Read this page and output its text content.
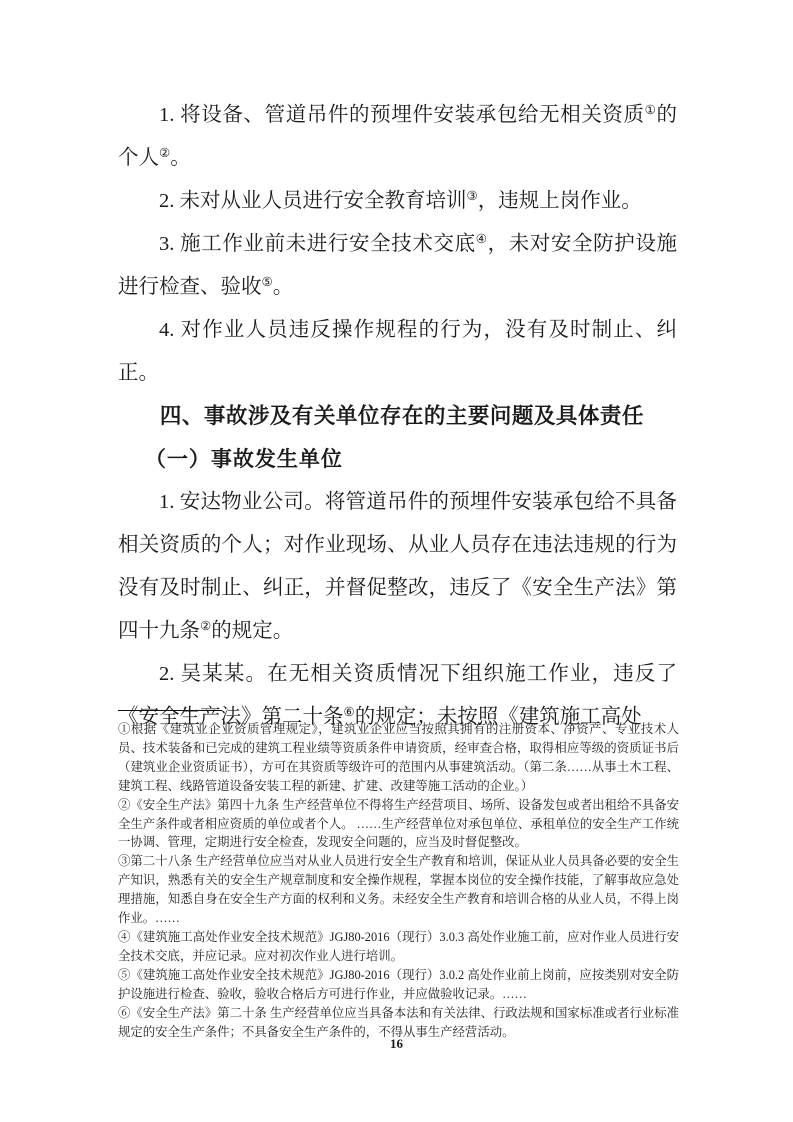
1. 将设备、管道吊件的预埋件安装承包给无相关资质①的个人②。
2. 未对从业人员进行安全教育培训③，违规上岗作业。
3. 施工作业前未进行安全技术交底④，未对安全防护设施进行检查、验收⑤。
4. 对作业人员违反操作规程的行为，没有及时制止、纠正。
四、事故涉及有关单位存在的主要问题及具体责任
（一）事故发生单位
1. 安达物业公司。将管道吊件的预埋件安装承包给不具备相关资质的个人；对作业现场、从业人员存在违法违规的行为没有及时制止、纠正，并督促整改，违反了《安全生产法》第四十九条②的规定。
2. 吴某某。在无相关资质情况下组织施工作业，违反了《安全生产法》第二十条⑥的规定；未按照《建筑施工高处
①根据《建筑业企业资质管理规定》，建筑业企业应当按照其拥有的注册资本、净资产、专业技术人员、技术装备和已完成的建筑工程业绩等资质条件申请资质，经审查合格，取得相应等级的资质证书后（建筑业企业资质证书），方可在其资质等级许可的范围内从事建筑活动。（第二条……从事土木工程、建筑工程、线路管道设备安装工程的新建、扩建、改建等施工活动的企业。）
②《安全生产法》第四十九条 生产经营单位不得将生产经营项目、场所、设备发包或者出租给不具备安全生产条件或者相应资质的单位或者个人。 ……生产经营单位对承包单位、承租单位的安全生产工作统一协调、管理，定期进行安全检查，发现安全问题的，应当及时督促整改。
③第二十八条 生产经营单位应当对从业人员进行安全生产教育和培训，保证从业人员具备必要的安全生产知识，熟悉有关的安全生产规章制度和安全操作规程，掌握本岗位的安全操作技能，了解事故应急处理措施，知悉自身在安全生产方面的权利和义务。未经安全生产教育和培训合格的从业人员，不得上岗作业。……
④《建筑施工高处作业安全技术规范》JGJ80-2016（现行）3.0.3 高处作业施工前，应对作业人员进行安全技术交底，并应记录。应对初次作业人进行培训。
⑤《建筑施工高处作业安全技术规范》JGJ80-2016（现行）3.0.2 高处作业前上岗前，应按类别对安全防护设施进行检查、验收，验收合格后方可进行作业，并应做验收记录。……
⑥《安全生产法》第二十条 生产经营单位应当具备本法和有关法律、行政法规和国家标准或者行业标准规定的安全生产条件；不具备安全生产条件的，不得从事生产经营活动。
16
